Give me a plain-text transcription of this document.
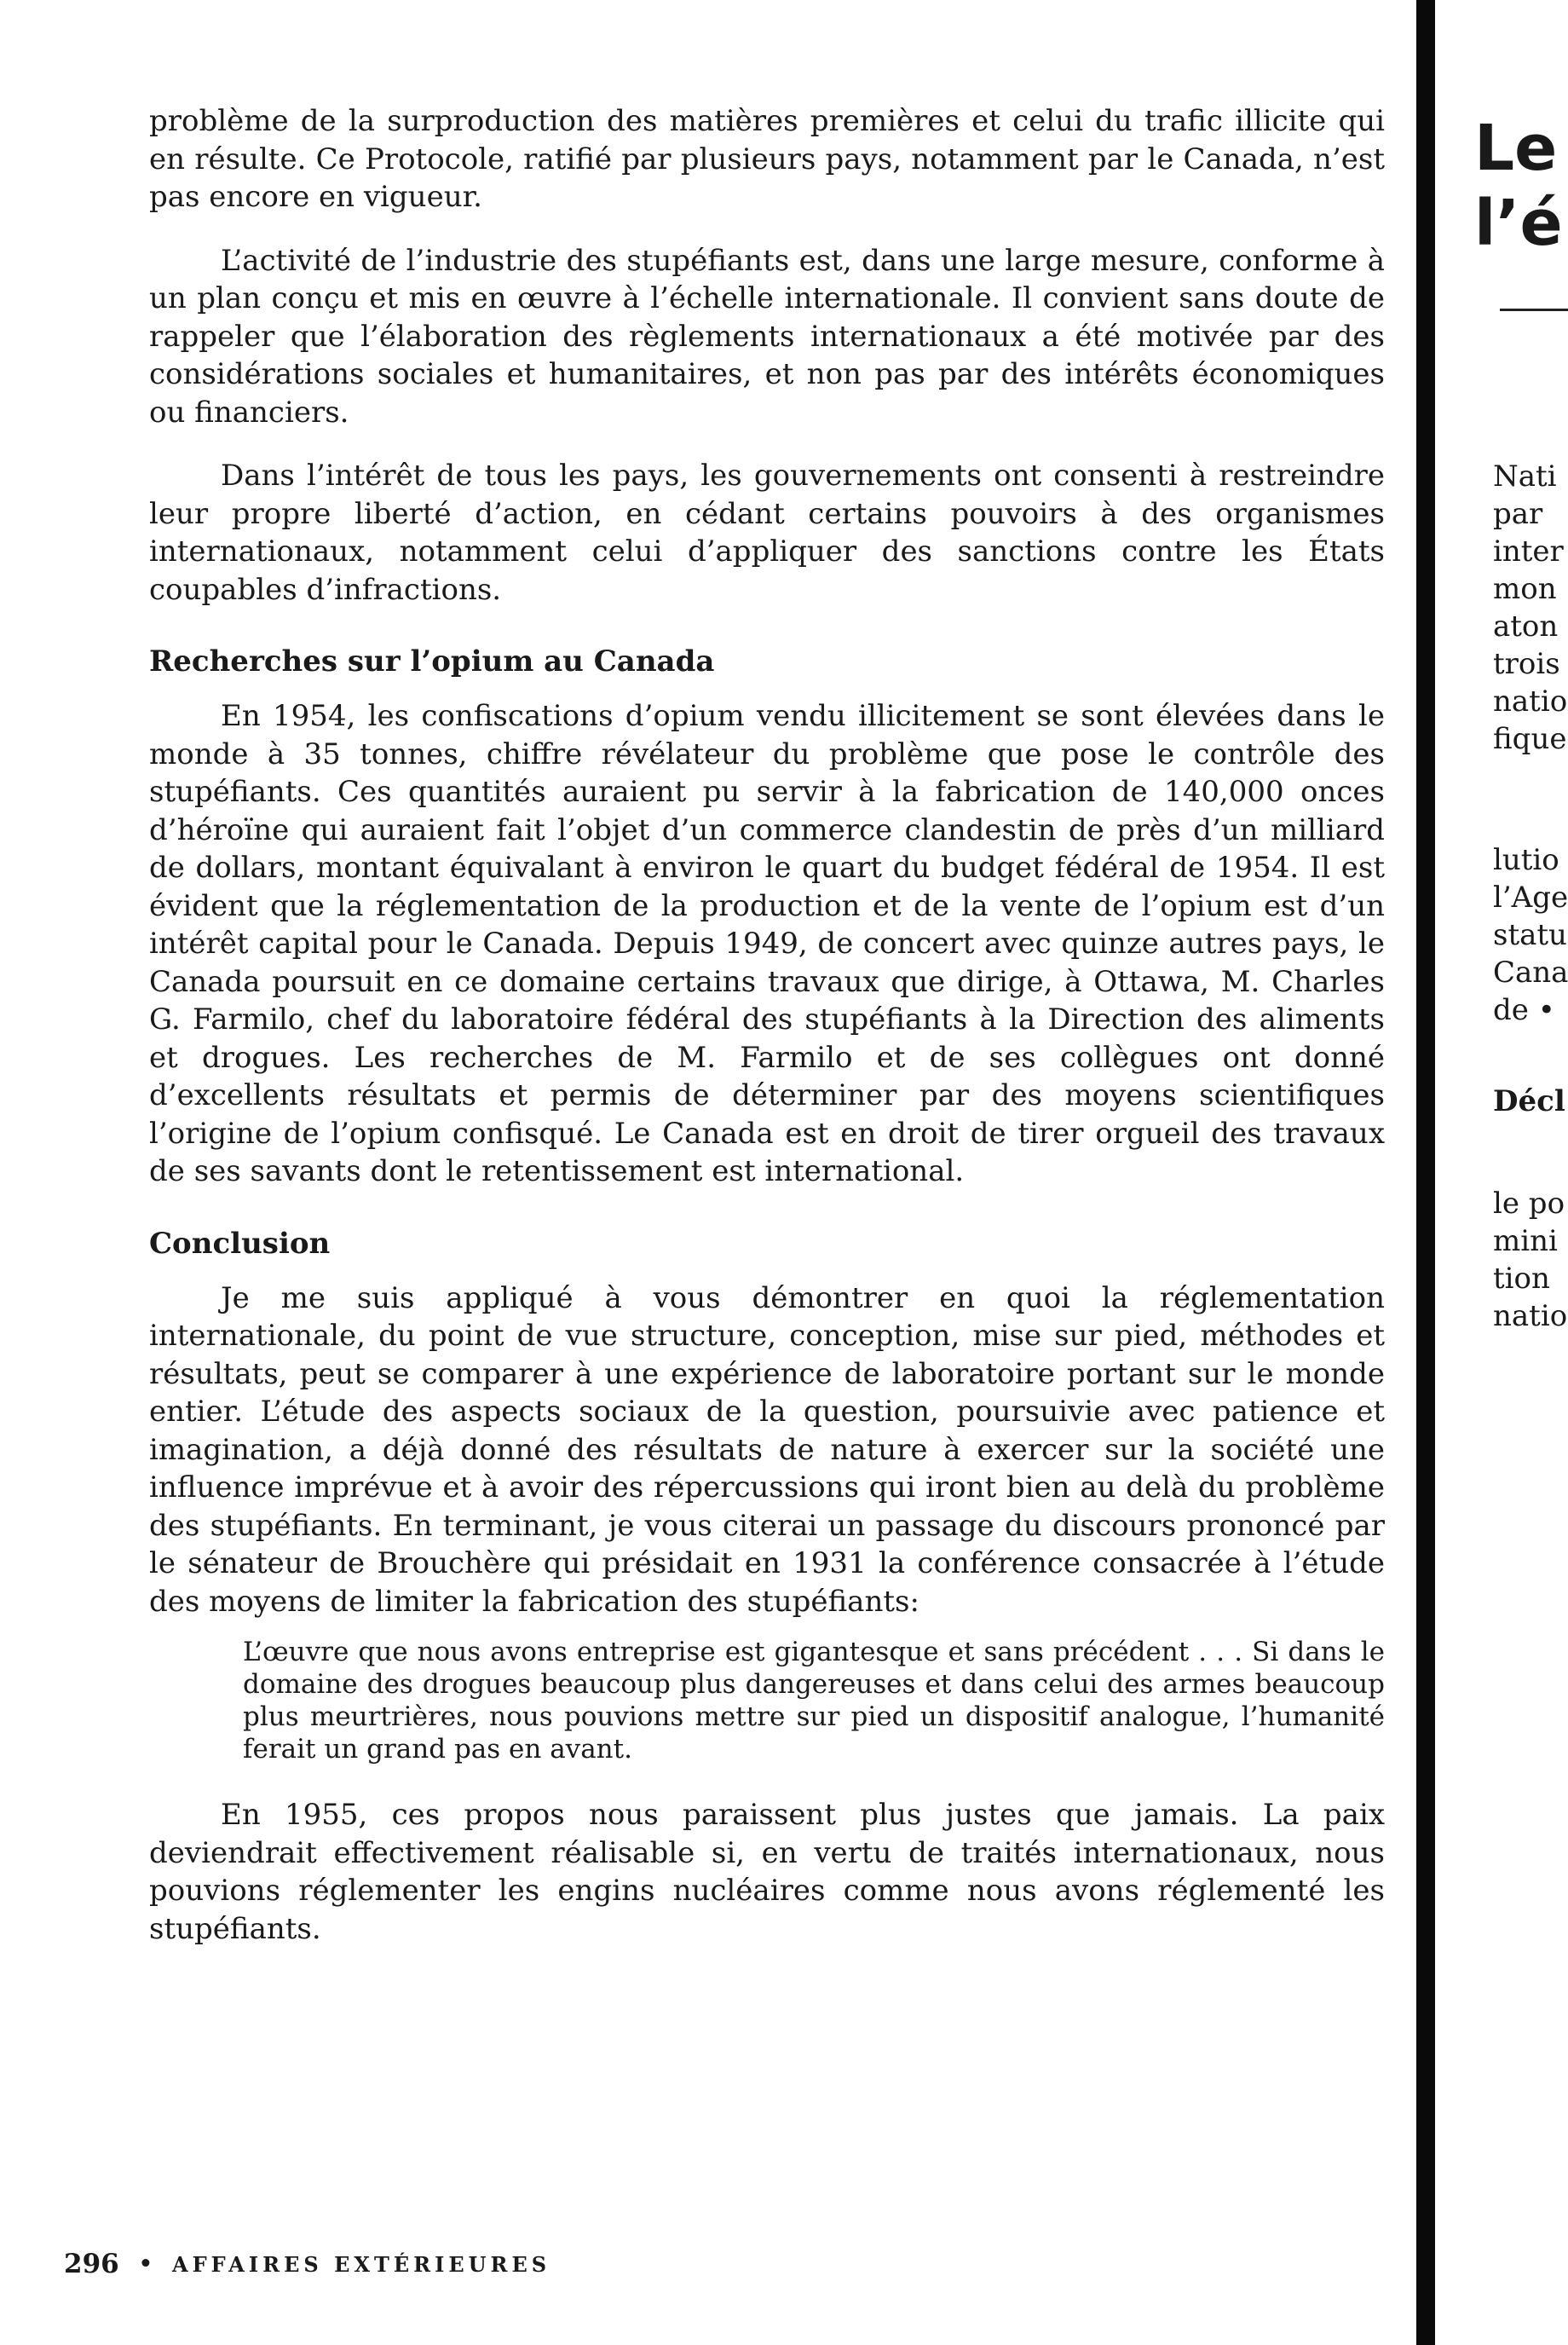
problème de la surproduction des matières premières et celui du trafic illicite qui en résulte. Ce Protocole, ratifié par plusieurs pays, notamment par le Canada, n’est pas encore en vigueur.

L’activité de l’industrie des stupéfiants est, dans une large mesure, conforme à un plan conçu et mis en œuvre à l’échelle internationale. Il convient sans doute de rappeler que l’élaboration des règlements internationaux a été motivée par des considérations sociales et humanitaires, et non pas par des intérêts économiques ou financiers.

Dans l’intérêt de tous les pays, les gouvernements ont consenti à restreindre leur propre liberté d’action, en cédant certains pouvoirs à des organismes internationaux, notamment celui d’appliquer des sanctions contre les États coupables d’infractions.

Recherches sur l’opium au Canada

En 1954, les confiscations d’opium vendu illicitement se sont élevées dans le monde à 35 tonnes, chiffre révélateur du problème que pose le contrôle des stupéfiants. Ces quantités auraient pu servir à la fabrication de 140,000 onces d’héroïne qui auraient fait l’objet d’un commerce clandestin de près d’un milliard de dollars, montant équivalant à environ le quart du budget fédéral de 1954. Il est évident que la réglementation de la production et de la vente de l’opium est d’un intérêt capital pour le Canada. Depuis 1949, de concert avec quinze autres pays, le Canada poursuit en ce domaine certains travaux que dirige, à Ottawa, M. Charles G. Farmilo, chef du laboratoire fédéral des stupéfiants à la Direction des aliments et drogues. Les recherches de M. Farmilo et de ses collègues ont donné d’excellents résultats et permis de déterminer par des moyens scientifiques l’origine de l’opium confisqué. Le Canada est en droit de tirer orgueil des travaux de ses savants dont le retentissement est international.

Conclusion

Je me suis appliqué à vous démontrer en quoi la réglementation internationale, du point de vue structure, conception, mise sur pied, méthodes et résultats, peut se comparer à une expérience de laboratoire portant sur le monde entier. L’étude des aspects sociaux de la question, poursuivie avec patience et imagination, a déjà donné des résultats de nature à exercer sur la société une influence imprévue et à avoir des répercussions qui iront bien au delà du problème des stupéfiants. En terminant, je vous citerai un passage du discours prononcé par le sénateur de Brouchère qui présidait en 1931 la conférence consacrée à l’étude des moyens de limiter la fabrication des stupéfiants:

L’œuvre que nous avons entreprise est gigantesque et sans précédent . . . Si dans le domaine des drogues beaucoup plus dangereuses et dans celui des armes beaucoup plus meurtrières, nous pouvions mettre sur pied un dispositif analogue, l’humanité ferait un grand pas en avant.

En 1955, ces propos nous paraissent plus justes que jamais. La paix deviendrait effectivement réalisable si, en vertu de traités internationaux, nous pouvions réglementer les engins nucléaires comme nous avons réglementé les stupéfiants.

296 • AFFAIRES EXTÉRIEURES
Le
l’é
Nati
par
inter
mon
aton
trois
natio
fique
lutio
l’Age
statu
Cana
de •
Décl
le po
mini
tion
natio
